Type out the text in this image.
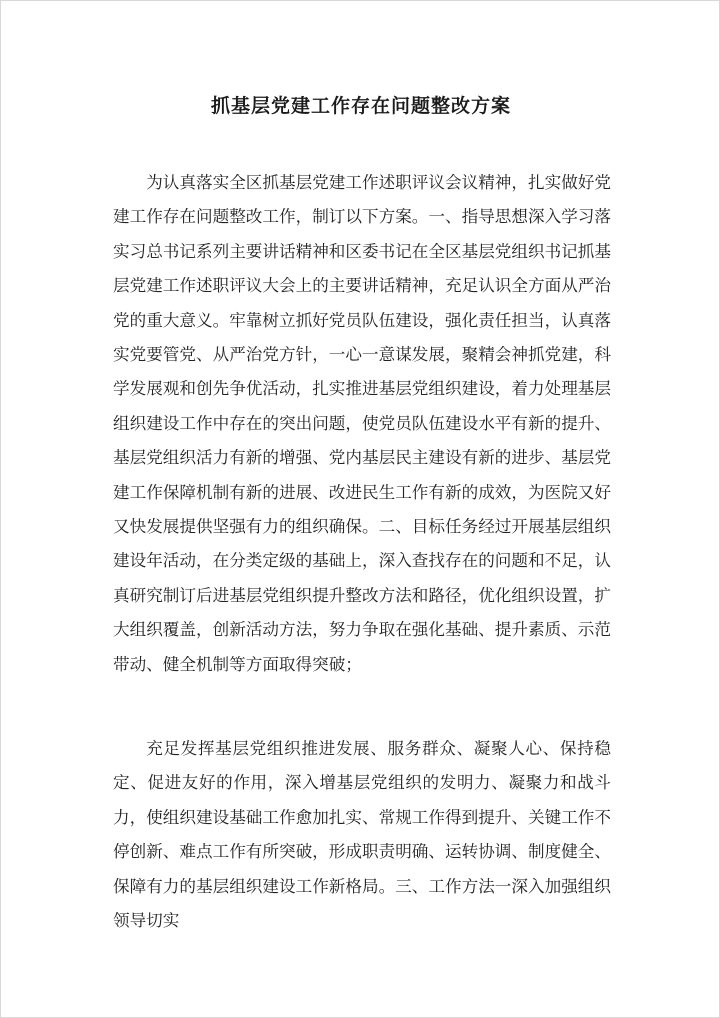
抓基层党建工作存在问题整改方案

为认真落实全区抓基层党建工作述职评议会议精神，扎实做好党建工作存在问题整改工作，制订以下方案。一、指导思想深入学习落实习总书记系列主要讲话精神和区委书记在全区基层党组织书记抓基层党建工作述职评议大会上的主要讲话精神，充足认识全方面从严治党的重大意义。牢靠树立抓好党员队伍建设，强化责任担当，认真落实党要管党、从严治党方针，一心一意谋发展，聚精会神抓党建，科学发展观和创先争优活动，扎实推进基层党组织建设，着力处理基层组织建设工作中存在的突出问题，使党员队伍建设水平有新的提升、基层党组织活力有新的增强、党内基层民主建设有新的进步、基层党建工作保障机制有新的进展、改进民生工作有新的成效，为医院又好又快发展提供坚强有力的组织确保。二、目标任务经过开展基层组织建设年活动，在分类定级的基础上，深入查找存在的问题和不足，认真研究制订后进基层党组织提升整改方法和路径，优化组织设置，扩大组织覆盖，创新活动方法，努力争取在强化基础、提升素质、示范带动、健全机制等方面取得突破；

充足发挥基层党组织推进发展、服务群众、凝聚人心、保持稳定、促进友好的作用，深入增基层党组织的发明力、凝聚力和战斗力，使组织建设基础工作愈加扎实、常规工作得到提升、关键工作不停创新、难点工作有所突破，形成职责明确、运转协调、制度健全、保障有力的基层组织建设工作新格局。三、工作方法一深入加强组织领导切实
